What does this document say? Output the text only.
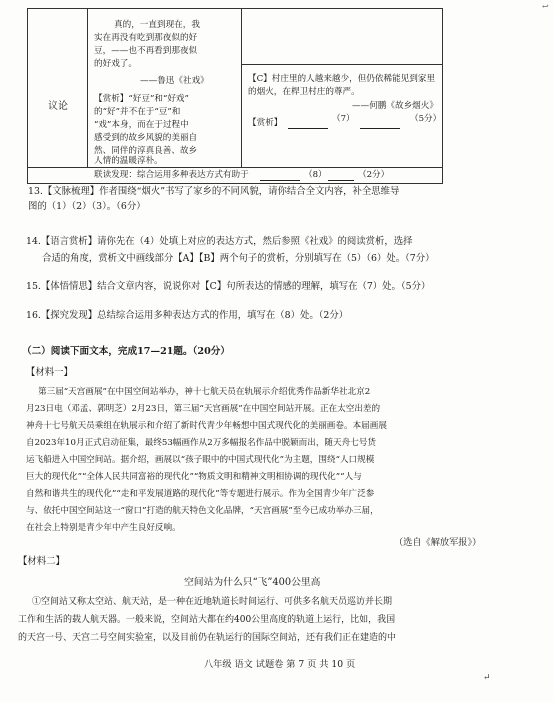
↩
议论
真的，一直到现在，我
实在再没有吃到那夜似的好
豆，——也不再看到那夜似
的好戏了。
——鲁迅《社戏》
【赏析】“好豆”和“好戏”
的“好”并不在于“豆”和
“戏”本身，而在于过程中
感受到的故乡风貌的美丽自
然、同伴的淳真良善、故乡
人情的温暖淳朴。
【C】村庄里的人越来越少，但仍依稀能见到家里
的烟火，在桿卫村庄的尊严。
——何鹏《故乡烟火》
【赏析】	（7）	（5分）
联读发现：综合运用多种表达方式有助于	（8）	（2分）
13.【文脉梳理】作者围绕“烟火”书写了家乡的不同风貌，请你结合全文内容，补全思维导
图的（1）（2）（3）。（6分）
14.【语言赏析】请你先在（4）处填上对应的表达方式，然后参照《社戏》的阅读赏析，选择
合适的角度，赏析文中画线部分【A】【B】两个句子的赏析，分别填写在（5）（6）处。（7分）
15.【体悟情思】结合文章内容，说说你对【C】句所表达的情感的理解，填写在（7）处。（5分）
16.【探究发现】总结综合运用多种表达方式的作用，填写在（8）处。（2分）
（二）阅读下面文本，完成17—21题。（20分）
【材料一】
第三届“天宫画展”在中国空间站举办，神十七航天员在轨展示介绍优秀作品新华社北京2
月23日电（邓孟、郭明芝）2月23日，第三届“天宫画展”在中国空间站开展。正在太空出差的
神舟十七号航天员乘组在轨展示和介绍了新时代青少年畅想中国式现代化的美丽画卷。本届画展
自2023年10月正式启动征集，最终53幅画作从2万多幅报名作品中脱颖而出，随天舟七号货
运飞船进入中国空间站。据介绍，画展以“孩子眼中的中国式现代化”为主题，围绕“人口规模
巨大的现代化”“全体人民共同富裕的现代化”“物质文明和精神文明相协调的现代化”“人与
自然和谐共生的现代化”“走和平发展道路的现代化”等专题进行展示。作为全国青少年广泛参
与、依托中国空间站这一“窗口”打造的航天特色文化品牌，“天宫画展”至今已成功举办三届，
在社会上特别是青少年中产生良好反响。
（选自《解放军报》）
【材料二】
空间站为什么只“飞”400公里高
①空间站又称太空站、航天站，是一种在近地轨道长时间运行、可供多名航天员巡访并长期
工作和生活的载人航天器。一般来说，空间站大都在约400公里高度的轨道上运行，比如，我国
的天宫一号、天宫二号空间实验室，以及目前仍在轨运行的国际空间站，还有我们正在建造的中
八年级 语文 试题卷 第 7 页 共 10 页
↵
